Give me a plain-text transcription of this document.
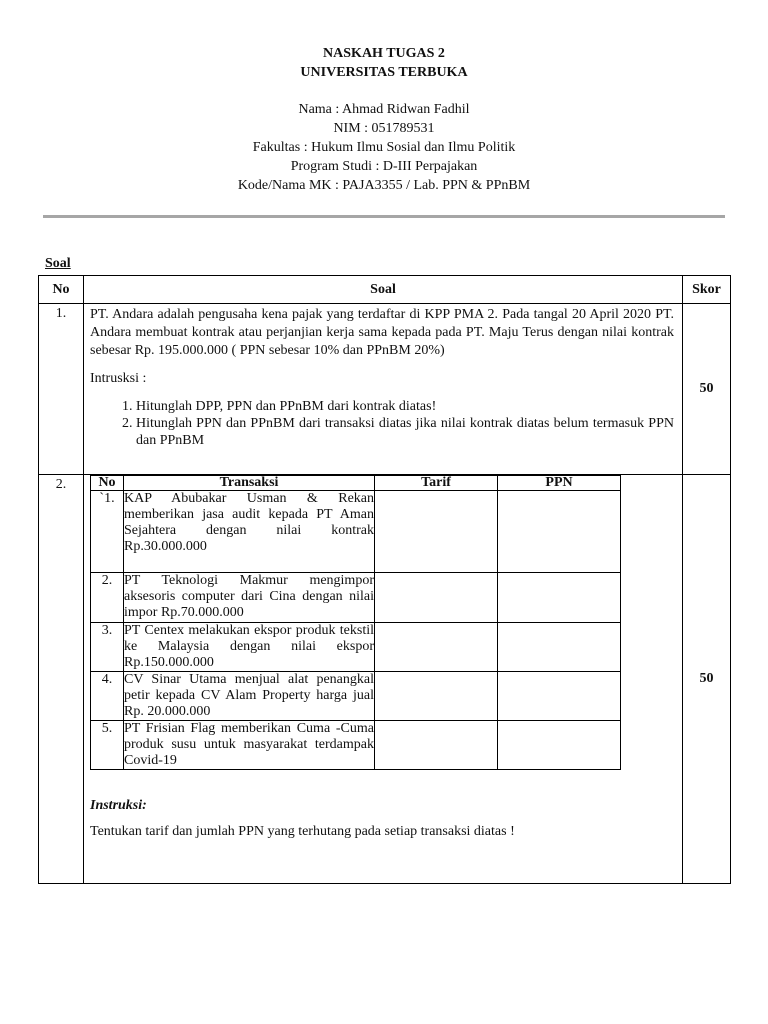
NASKAH TUGAS 2
UNIVERSITAS TERBUKA
Nama : Ahmad Ridwan Fadhil
NIM : 051789531
Fakultas : Hukum Ilmu Sosial dan Ilmu Politik
Program Studi : D-III Perpajakan
Kode/Nama MK : PAJA3355 / Lab. PPN & PPnBM
Soal
No	Soal	Skor
1.	PT. Andara adalah pengusaha kena pajak yang terdaftar di KPP PMA 2. Pada tangal 20 April 2020 PT. Andara membuat kontrak atau perjanjian kerja sama kepada pada PT. Maju Terus dengan nilai kontrak sebesar Rp. 195.000.000 ( PPN sebesar 10% dan PPnBM 20%)

Intrusksi :

1. Hitunglah DPP, PPN dan PPnBM dari kontrak diatas!
2. Hitunglah PPN dan PPnBM dari transaksi diatas jika nilai kontrak diatas belum termasuk PPN dan PPnBM
	50
2.	No	Transaksi	Tarif	PPN
`1.	KAP Abubakar Usman & Rekan memberikan jasa audit kepada PT Aman Sejahtera dengan nilai kontrak Rp.30.000.000		
2.	PT Teknologi Makmur mengimpor aksesoris computer dari Cina dengan nilai impor Rp.70.000.000		
3.	PT Centex melakukan ekspor produk tekstil ke Malaysia dengan nilai ekspor Rp.150.000.000		
4.	CV Sinar Utama menjual alat penangkal petir kepada CV Alam Property harga jual Rp. 20.000.000		
5.	PT Frisian Flag memberikan Cuma -Cuma produk susu untuk masyarakat terdampak Covid-19		
Instruksi:
Tentukan tarif dan jumlah PPN yang terhutang pada setiap transaksi diatas !
	50
